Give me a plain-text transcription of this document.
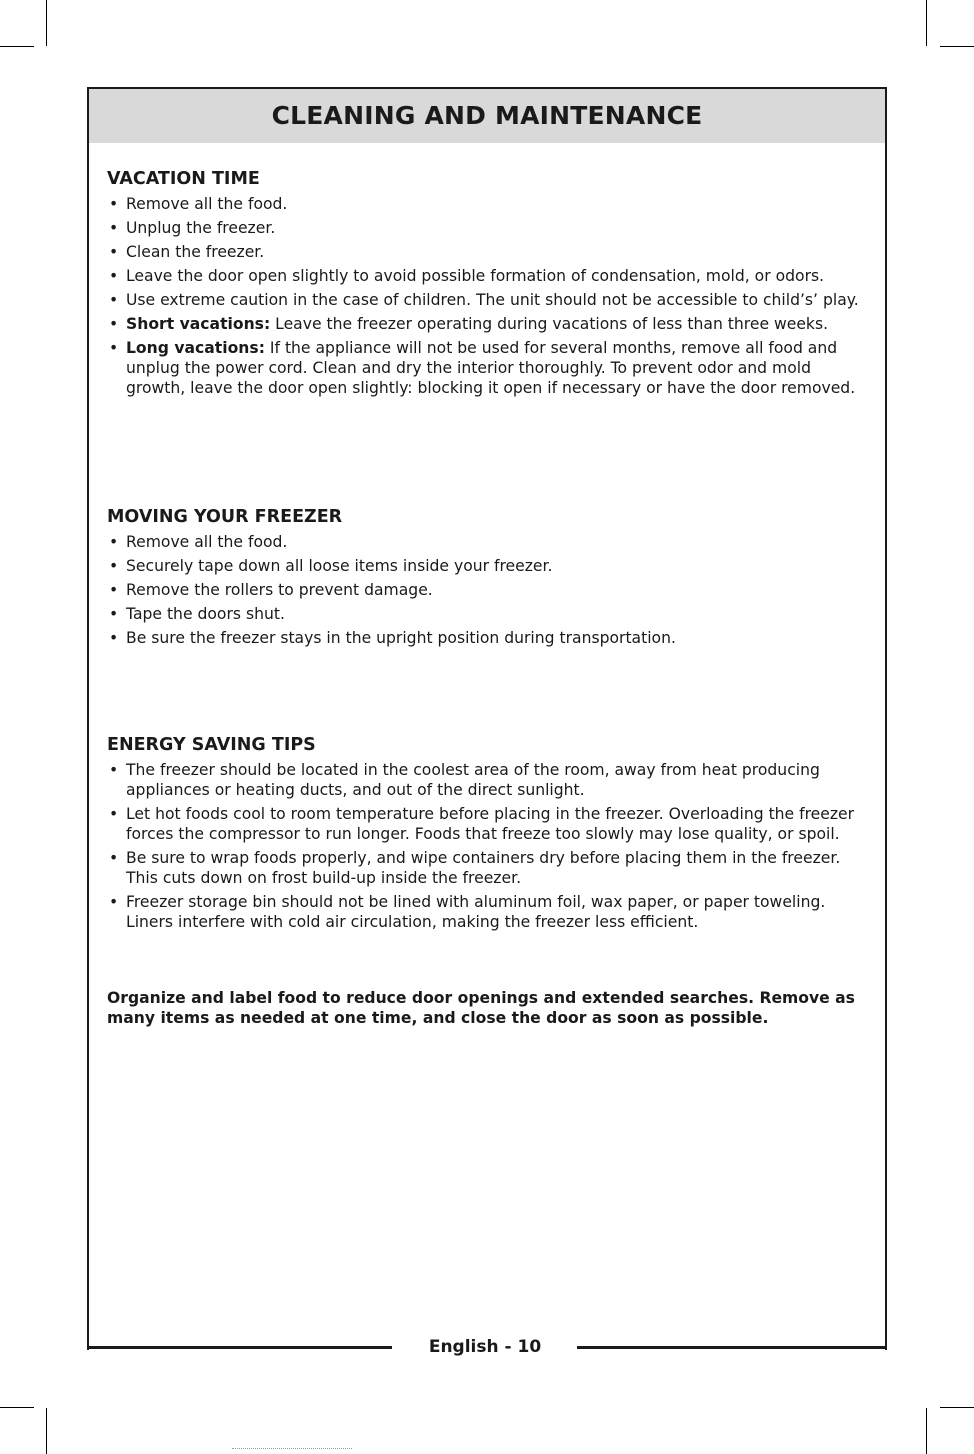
CLEANING AND MAINTENANCE
VACATION TIME
• Remove all the food.
• Unplug the freezer.
• Clean the freezer.
• Leave the door open slightly to avoid possible formation of condensation, mold, or odors.
• Use extreme caution in the case of children. The unit should not be accessible to child’s’ play.
• Short vacations: Leave the freezer operating during vacations of less than three weeks.
• Long vacations: If the appliance will not be used for several months, remove all food and unplug the power cord. Clean and dry the interior thoroughly. To prevent odor and mold growth, leave the door open slightly: blocking it open if necessary or have the door removed.
MOVING YOUR FREEZER
• Remove all the food.
• Securely tape down all loose items inside your freezer.
• Remove the rollers to prevent damage.
• Tape the doors shut.
• Be sure the freezer stays in the upright position during transportation.
ENERGY SAVING TIPS
• The freezer should be located in the coolest area of the room, away from heat producing appliances or heating ducts, and out of the direct sunlight.
• Let hot foods cool to room temperature before placing in the freezer. Overloading the freezer forces the compressor to run longer. Foods that freeze too slowly may lose quality, or spoil.
• Be sure to wrap foods properly, and wipe containers dry before placing them in the freezer. This cuts down on frost build-up inside the freezer.
• Freezer storage bin should not be lined with aluminum foil, wax paper, or paper toweling. Liners interfere with cold air circulation, making the freezer less efficient.
Organize and label food to reduce door openings and extended searches. Remove as many items as needed at one time, and close the door as soon as possible.
English - 10
